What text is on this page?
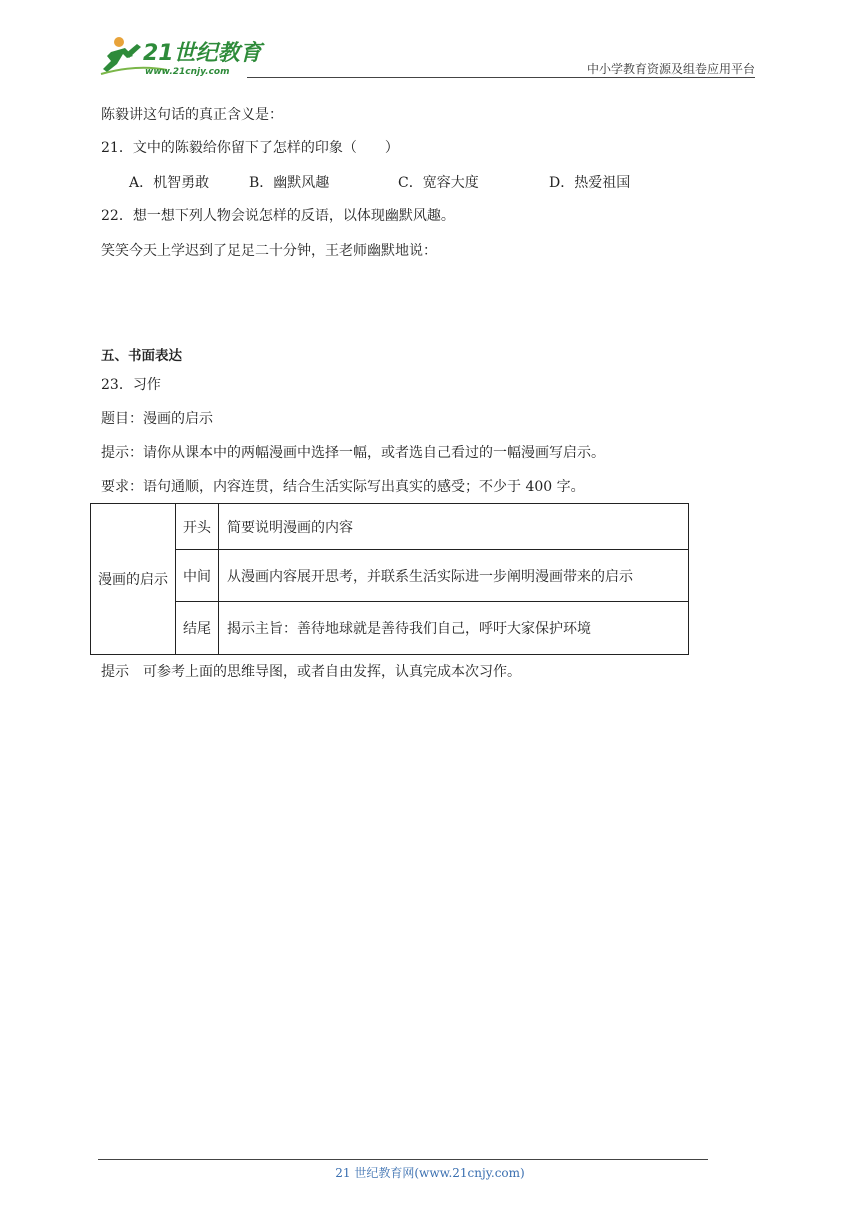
21世纪教育
www.21cnjy.com	中小学教育资源及组卷应用平台
陈毅讲这句话的真正含义是：
21．文中的陈毅给你留下了怎样的印象（　　）
A．机智勇敢	B．幽默风趣	C．宽容大度	D．热爱祖国
22．想一想下列人物会说怎样的反语，以体现幽默风趣。
笑笑今天上学迟到了足足二十分钟，王老师幽默地说：
五、书面表达
23．习作
题目：漫画的启示
提示：请你从课本中的两幅漫画中选择一幅，或者选自己看过的一幅漫画写启示。
要求：语句通顺，内容连贯，结合生活实际写出真实的感受；不少于 400 字。
漫画的启示	开头	简要说明漫画的内容
	中间	从漫画内容展开思考，并联系生活实际进一步阐明漫画带来的启示
	结尾	揭示主旨：善待地球就是善待我们自己，呼吁大家保护环境
提示　可参考上面的思维导图，或者自由发挥，认真完成本次习作。
21 世纪教育网(www.21cnjy.com)
